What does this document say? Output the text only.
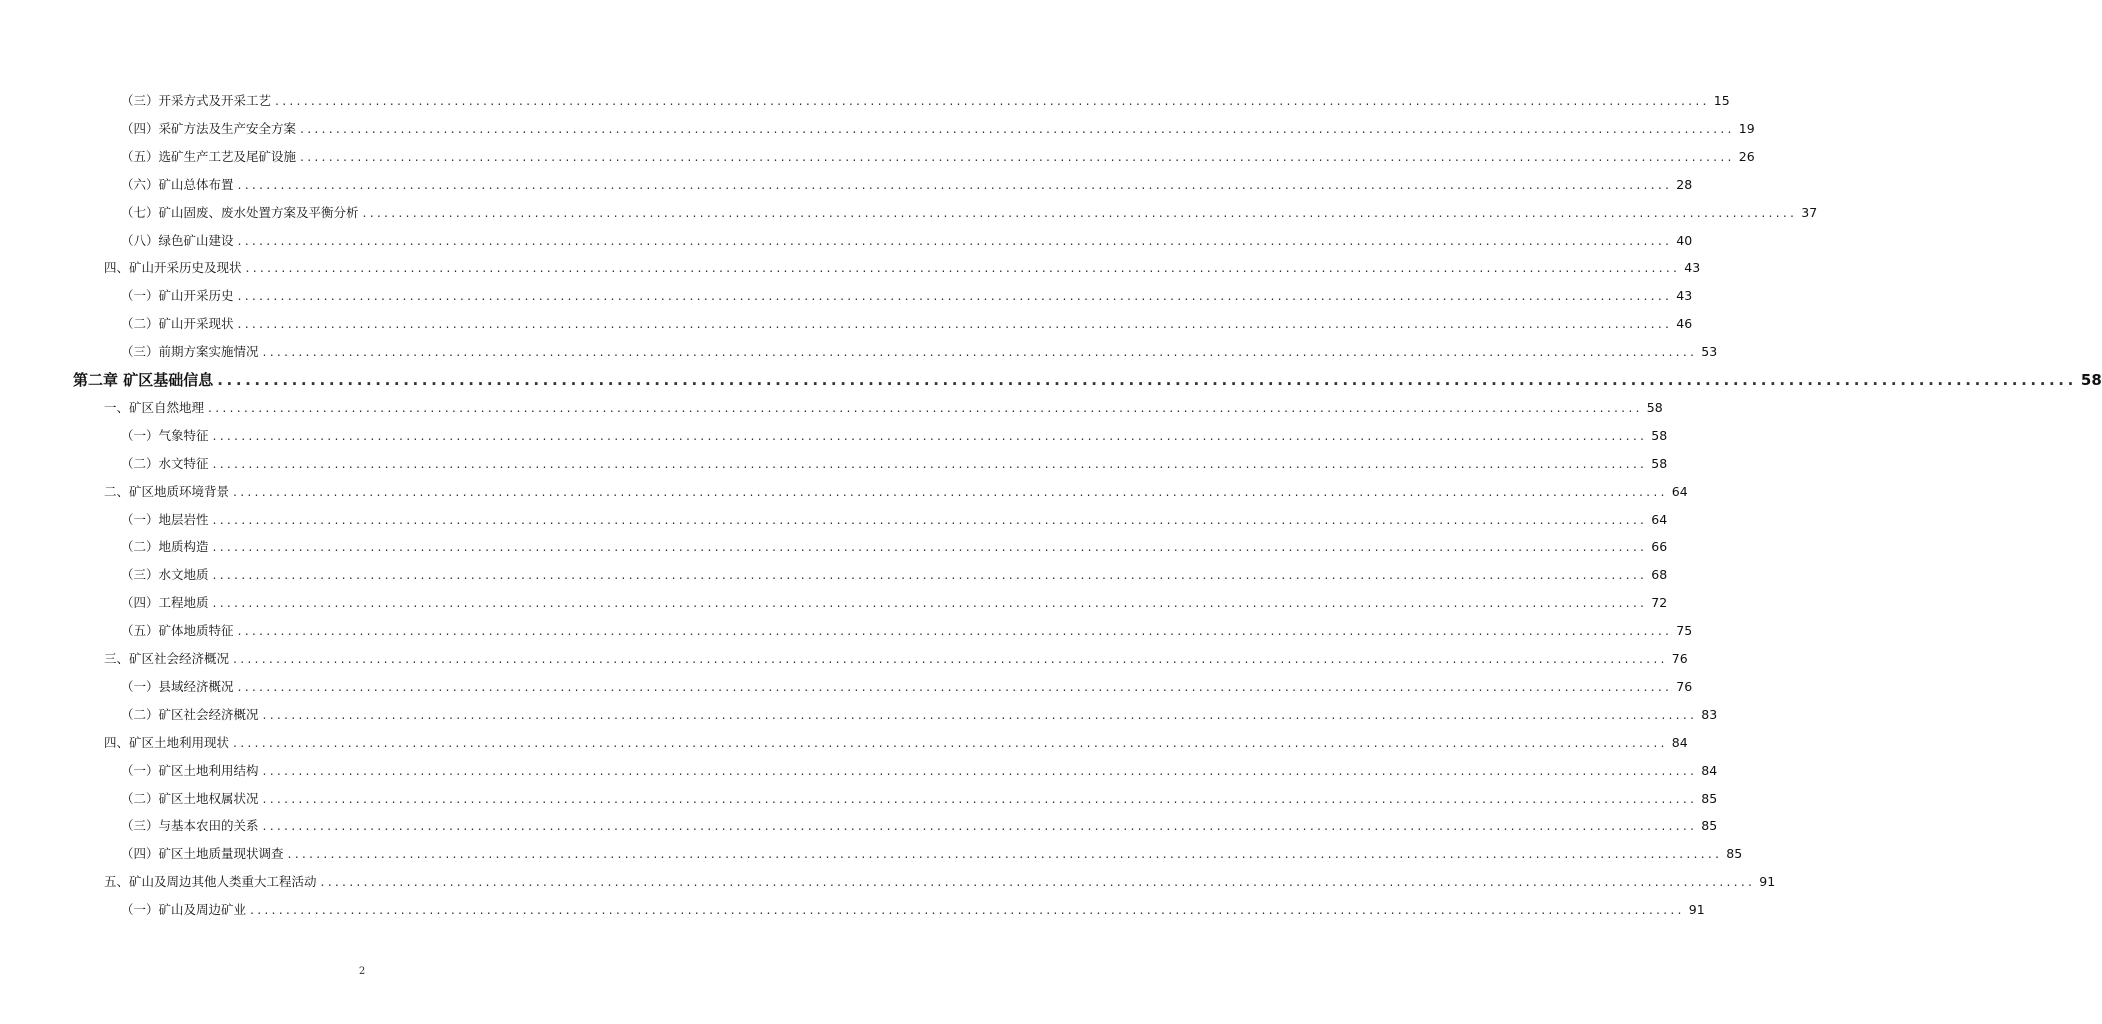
（三）开采方式及开采工艺 ........................................................................................................................................................................................................ 15
（四）采矿方法及生产安全方案 ........................................................................................................................................................................................................ 19
（五）选矿生产工艺及尾矿设施 ........................................................................................................................................................................................................ 26
（六）矿山总体布置 ........................................................................................................................................................................................................ 28
（七）矿山固废、废水处置方案及平衡分析 ........................................................................................................................................................................................................ 37
（八）绿色矿山建设 ........................................................................................................................................................................................................ 40
四、矿山开采历史及现状 ........................................................................................................................................................................................................ 43
（一）矿山开采历史 ........................................................................................................................................................................................................ 43
（二）矿山开采现状 ........................................................................................................................................................................................................ 46
（三）前期方案实施情况 ........................................................................................................................................................................................................ 53
第二章 矿区基础信息 ........................................................................................................................................................................................................ 58
一、矿区自然地理 ........................................................................................................................................................................................................ 58
（一）气象特征 ........................................................................................................................................................................................................ 58
（二）水文特征 ........................................................................................................................................................................................................ 58
二、矿区地质环境背景 ........................................................................................................................................................................................................ 64
（一）地层岩性 ........................................................................................................................................................................................................ 64
（二）地质构造 ........................................................................................................................................................................................................ 66
（三）水文地质 ........................................................................................................................................................................................................ 68
（四）工程地质 ........................................................................................................................................................................................................ 72
（五）矿体地质特征 ........................................................................................................................................................................................................ 75
三、矿区社会经济概况 ........................................................................................................................................................................................................ 76
（一）县域经济概况 ........................................................................................................................................................................................................ 76
（二）矿区社会经济概况 ........................................................................................................................................................................................................ 83
四、矿区土地利用现状 ........................................................................................................................................................................................................ 84
（一）矿区土地利用结构 ........................................................................................................................................................................................................ 84
（二）矿区土地权属状况 ........................................................................................................................................................................................................ 85
（三）与基本农田的关系 ........................................................................................................................................................................................................ 85
（四）矿区土地质量现状调查 ........................................................................................................................................................................................................ 85
五、矿山及周边其他人类重大工程活动 ........................................................................................................................................................................................................ 91
（一）矿山及周边矿业 ........................................................................................................................................................................................................ 91
2
